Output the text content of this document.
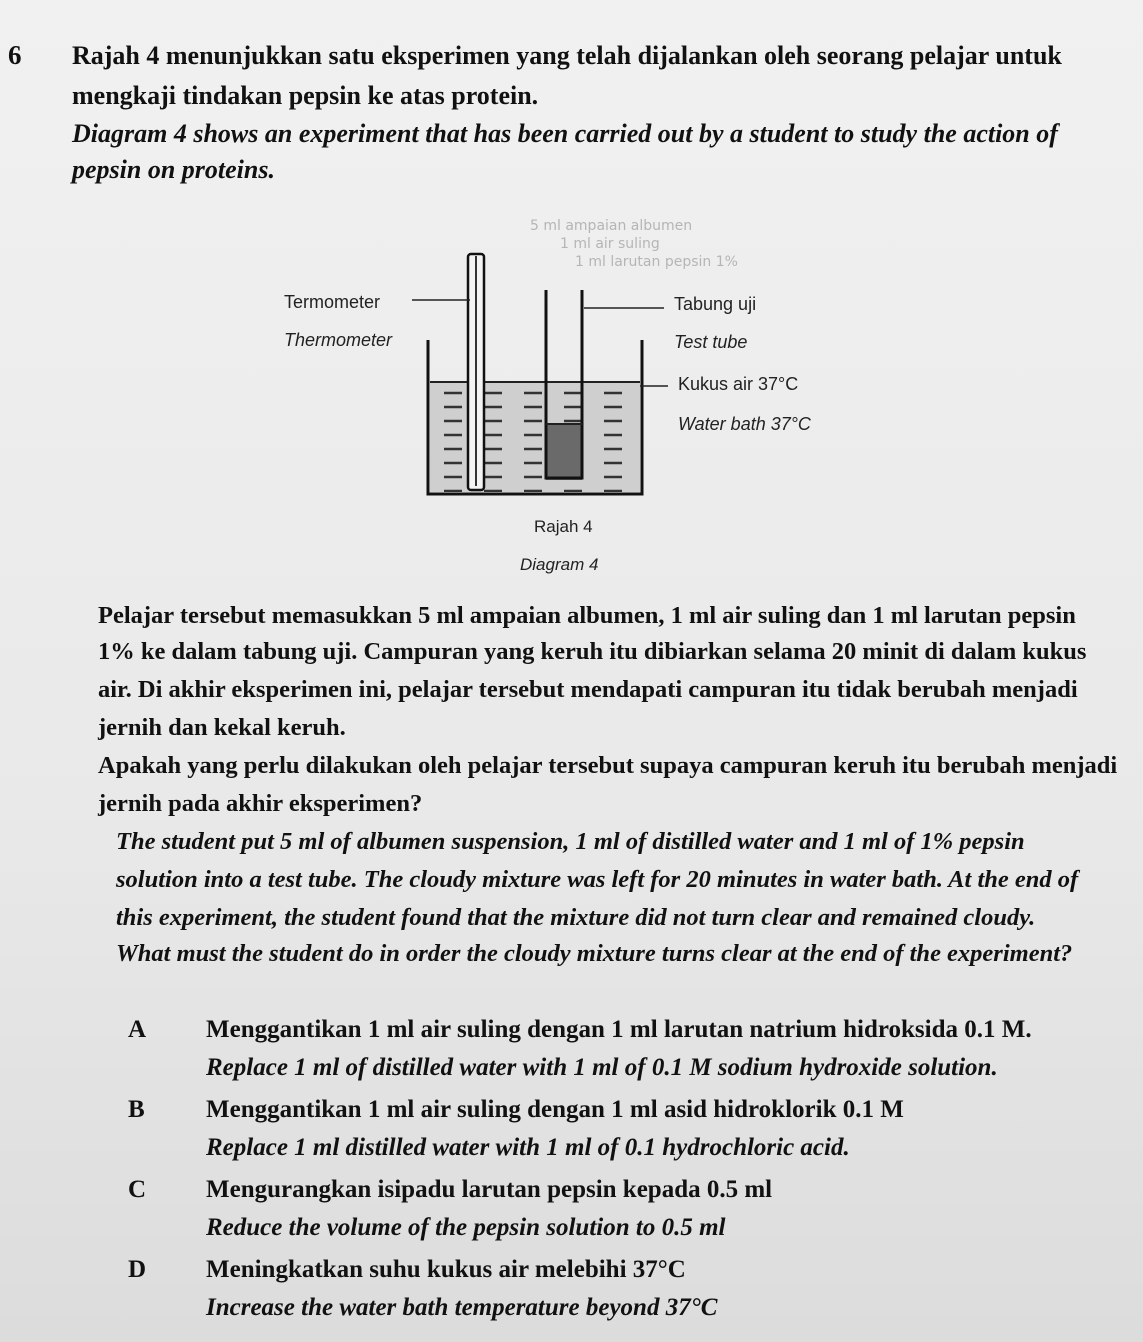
6 Rajah 4 menunjukkan satu eksperimen yang telah dijalankan oleh seorang pelajar untuk
mengkaji tindakan pepsin ke atas protein.
Diagram 4 shows an experiment that has been carried out by a student to study the action of
pepsin on proteins.
5 ml ampaian albumen
1 ml air suling
1 ml larutan pepsin 1%
Termometer
Thermometer
Tabung uji
Test tube
Kukus air 37°C
Water bath 37°C
Rajah 4
Diagram 4
Pelajar tersebut memasukkan 5 ml ampaian albumen, 1 ml air suling dan 1 ml larutan pepsin
1% ke dalam tabung uji. Campuran yang keruh itu dibiarkan selama 20 minit di dalam kukus
air. Di akhir eksperimen ini, pelajar tersebut mendapati campuran itu tidak berubah menjadi
jernih dan kekal keruh.
Apakah yang perlu dilakukan oleh pelajar tersebut supaya campuran keruh itu berubah menjadi
jernih pada akhir eksperimen?
The student put 5 ml of albumen suspension, 1 ml of distilled water and 1 ml of 1% pepsin
solution into a test tube. The cloudy mixture was left for 20 minutes in water bath. At the end of
this experiment, the student found that the mixture did not turn clear and remained cloudy.
What must the student do in order the cloudy mixture turns clear at the end of the experiment?
A Menggantikan 1 ml air suling dengan 1 ml larutan natrium hidroksida 0.1 M.
Replace 1 ml of distilled water with 1 ml of 0.1 M sodium hydroxide solution.
B Menggantikan 1 ml air suling dengan 1 ml asid hidroklorik 0.1 M
Replace 1 ml distilled water with 1 ml of 0.1 hydrochloric acid.
C Mengurangkan isipadu larutan pepsin kepada 0.5 ml
Reduce the volume of the pepsin solution to 0.5 ml
D Meningkatkan suhu kukus air melebihi 37°C
Increase the water bath temperature beyond 37°C
